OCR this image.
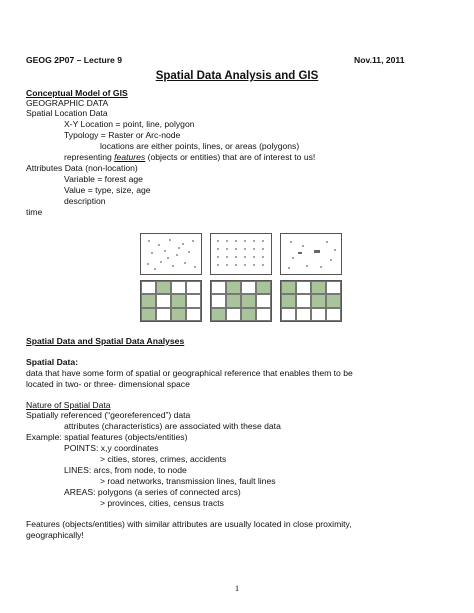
GEOG 2P07 – Lecture 9	Nov.11, 2011
Spatial Data Analysis and GIS
Conceptual Model of GIS
GEOGRAPHIC DATA
Spatial Location Data
X-Y Location = point, line, polygon
Typology = Raster or Arc-node
locations are either points, lines, or areas (polygons)
representing features (objects or entities) that are of interest to us!
Attributes Data (non-location)
Variable = forest age
Value = type, size, age
description
time
Spatial Data and Spatial Data Analyses
Spatial Data:
data that have some form of spatial or geographical reference that enables them to be
located in two- or three- dimensional space
Nature of Spatial Data
Spatially referenced (“georeferenced”) data
attributes (characteristics) are associated with these data
Example: spatial features (objects/entities)
POINTS: x,y coordinates
> cities, stores, crimes, accidents
LINES: arcs, from node, to node
> road networks, transmission lines, fault lines
AREAS: polygons (a series of connected arcs)
> provinces, cities, census tracts
Features (objects/entities) with similar attributes are usually located in close proximity,
geographically!
1
